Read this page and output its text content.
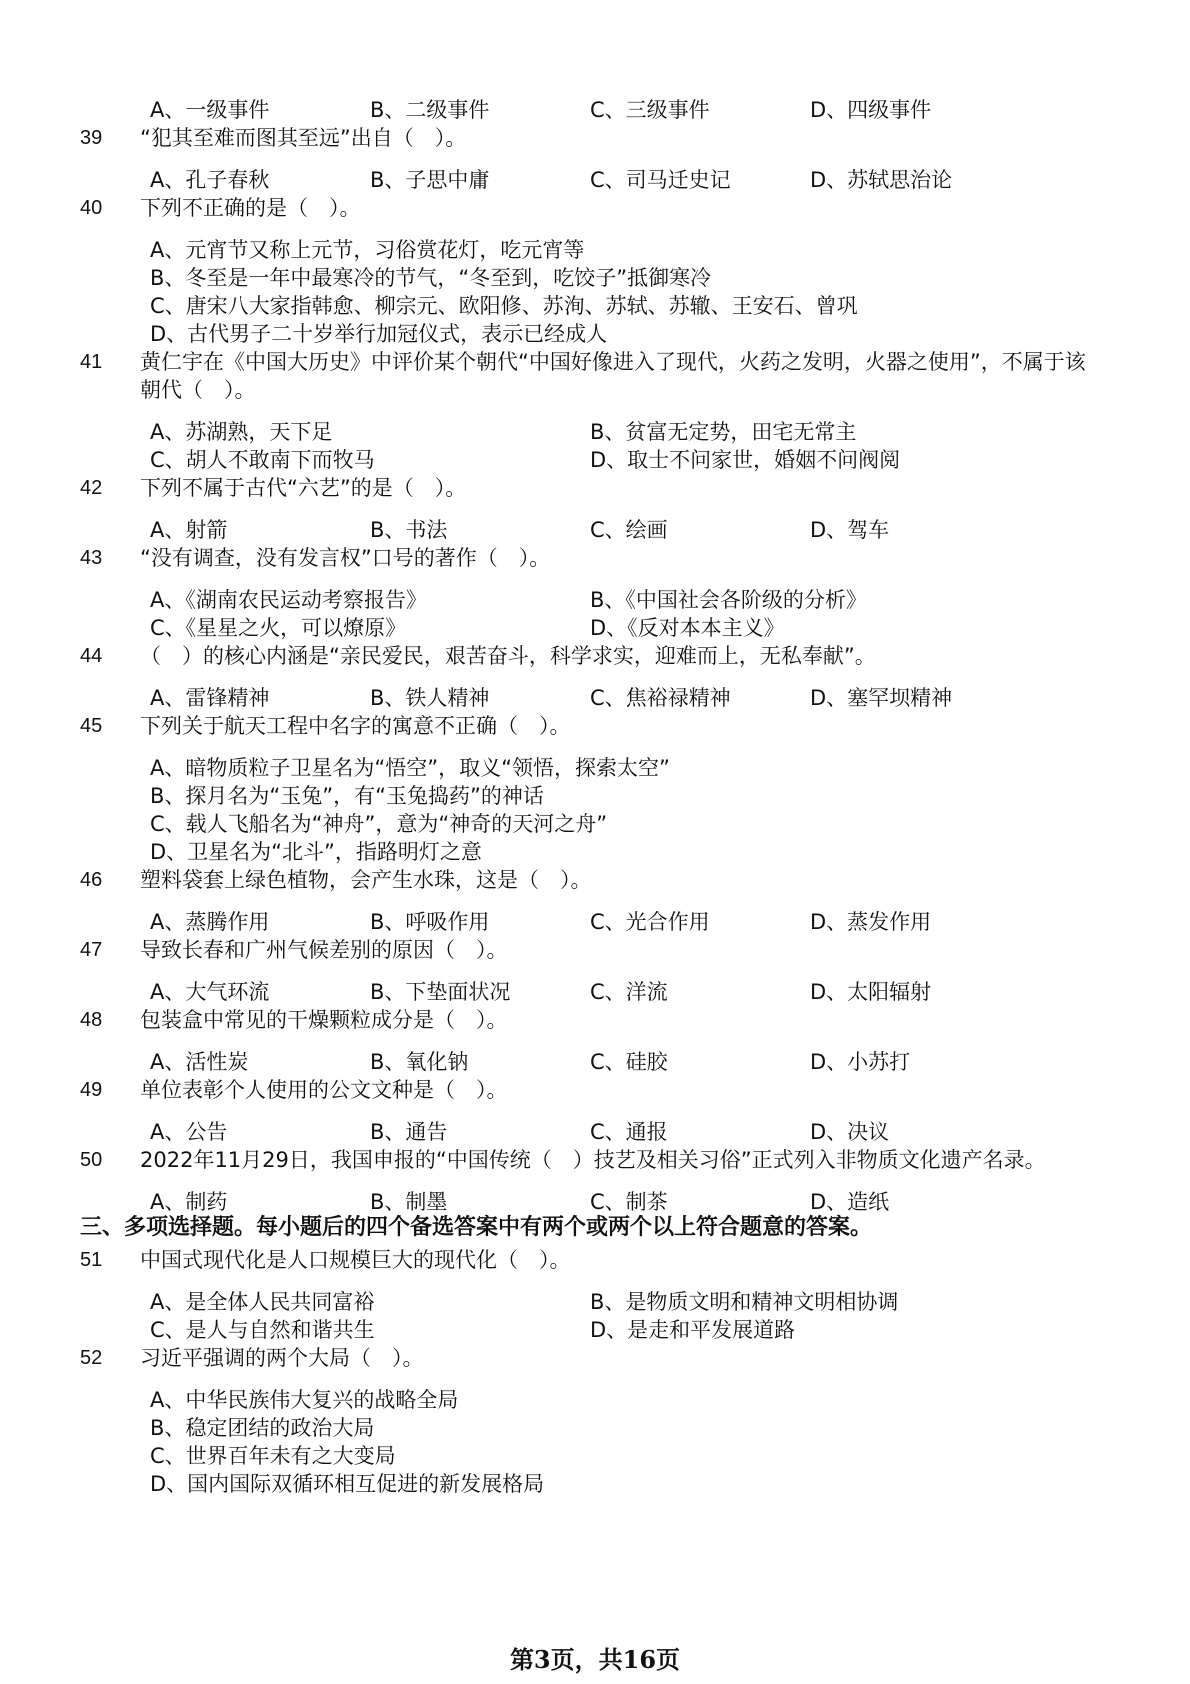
A、一级事件	B、二级事件	C、三级事件	D、四级事件
39 “犯其至难而图其至远”出自（　）。
A、孔子春秋	B、子思中庸	C、司马迁史记	D、苏轼思治论
40 下列不正确的是（　）。
A、元宵节又称上元节，习俗赏花灯，吃元宵等
B、冬至是一年中最寒冷的节气，“冬至到，吃饺子”抵御寒冷
C、唐宋八大家指韩愈、柳宗元、欧阳修、苏洵、苏轼、苏辙、王安石、曾巩
D、古代男子二十岁举行加冠仪式，表示已经成人
41 黄仁宇在《中国大历史》中评价某个朝代“中国好像进入了现代，火药之发明，火器之使用”，不属于该
朝代（　）。
A、苏湖熟，天下足	B、贫富无定势，田宅无常主
C、胡人不敢南下而牧马	D、取士不问家世，婚姻不问阀阅
42 下列不属于古代“六艺”的是（　）。
A、射箭	B、书法	C、绘画	D、驾车
43 “没有调查，没有发言权”口号的著作（　）。
A、《湖南农民运动考察报告》	B、《中国社会各阶级的分析》
C、《星星之火，可以燎原》	D、《反对本本主义》
44 （　）的核心内涵是“亲民爱民，艰苦奋斗，科学求实，迎难而上，无私奉献”。
A、雷锋精神	B、铁人精神	C、焦裕禄精神	D、塞罕坝精神
45 下列关于航天工程中名字的寓意不正确（　）。
A、暗物质粒子卫星名为“悟空”，取义“领悟，探索太空”
B、探月名为“玉兔”，有“玉兔捣药”的神话
C、载人飞船名为“神舟”，意为“神奇的天河之舟”
D、卫星名为“北斗”，指路明灯之意
46 塑料袋套上绿色植物，会产生水珠，这是（　）。
A、蒸腾作用	B、呼吸作用	C、光合作用	D、蒸发作用
47 导致长春和广州气候差别的原因（　）。
A、大气环流	B、下垫面状况	C、洋流	D、太阳辐射
48 包装盒中常见的干燥颗粒成分是（　）。
A、活性炭	B、氧化钠	C、硅胶	D、小苏打
49 单位表彰个人使用的公文文种是（　）。
A、公告	B、通告	C、通报	D、决议
50 2022年11月29日，我国申报的“中国传统（　）技艺及相关习俗”正式列入非物质文化遗产名录。
A、制药	B、制墨	C、制茶	D、造纸
三、多项选择题。每小题后的四个备选答案中有两个或两个以上符合题意的答案。
51 中国式现代化是人口规模巨大的现代化（　）。
A、是全体人民共同富裕	B、是物质文明和精神文明相协调
C、是人与自然和谐共生	D、是走和平发展道路
52 习近平强调的两个大局（　）。
A、中华民族伟大复兴的战略全局
B、稳定团结的政治大局
C、世界百年未有之大变局
D、国内国际双循环相互促进的新发展格局
第3页，共16页
